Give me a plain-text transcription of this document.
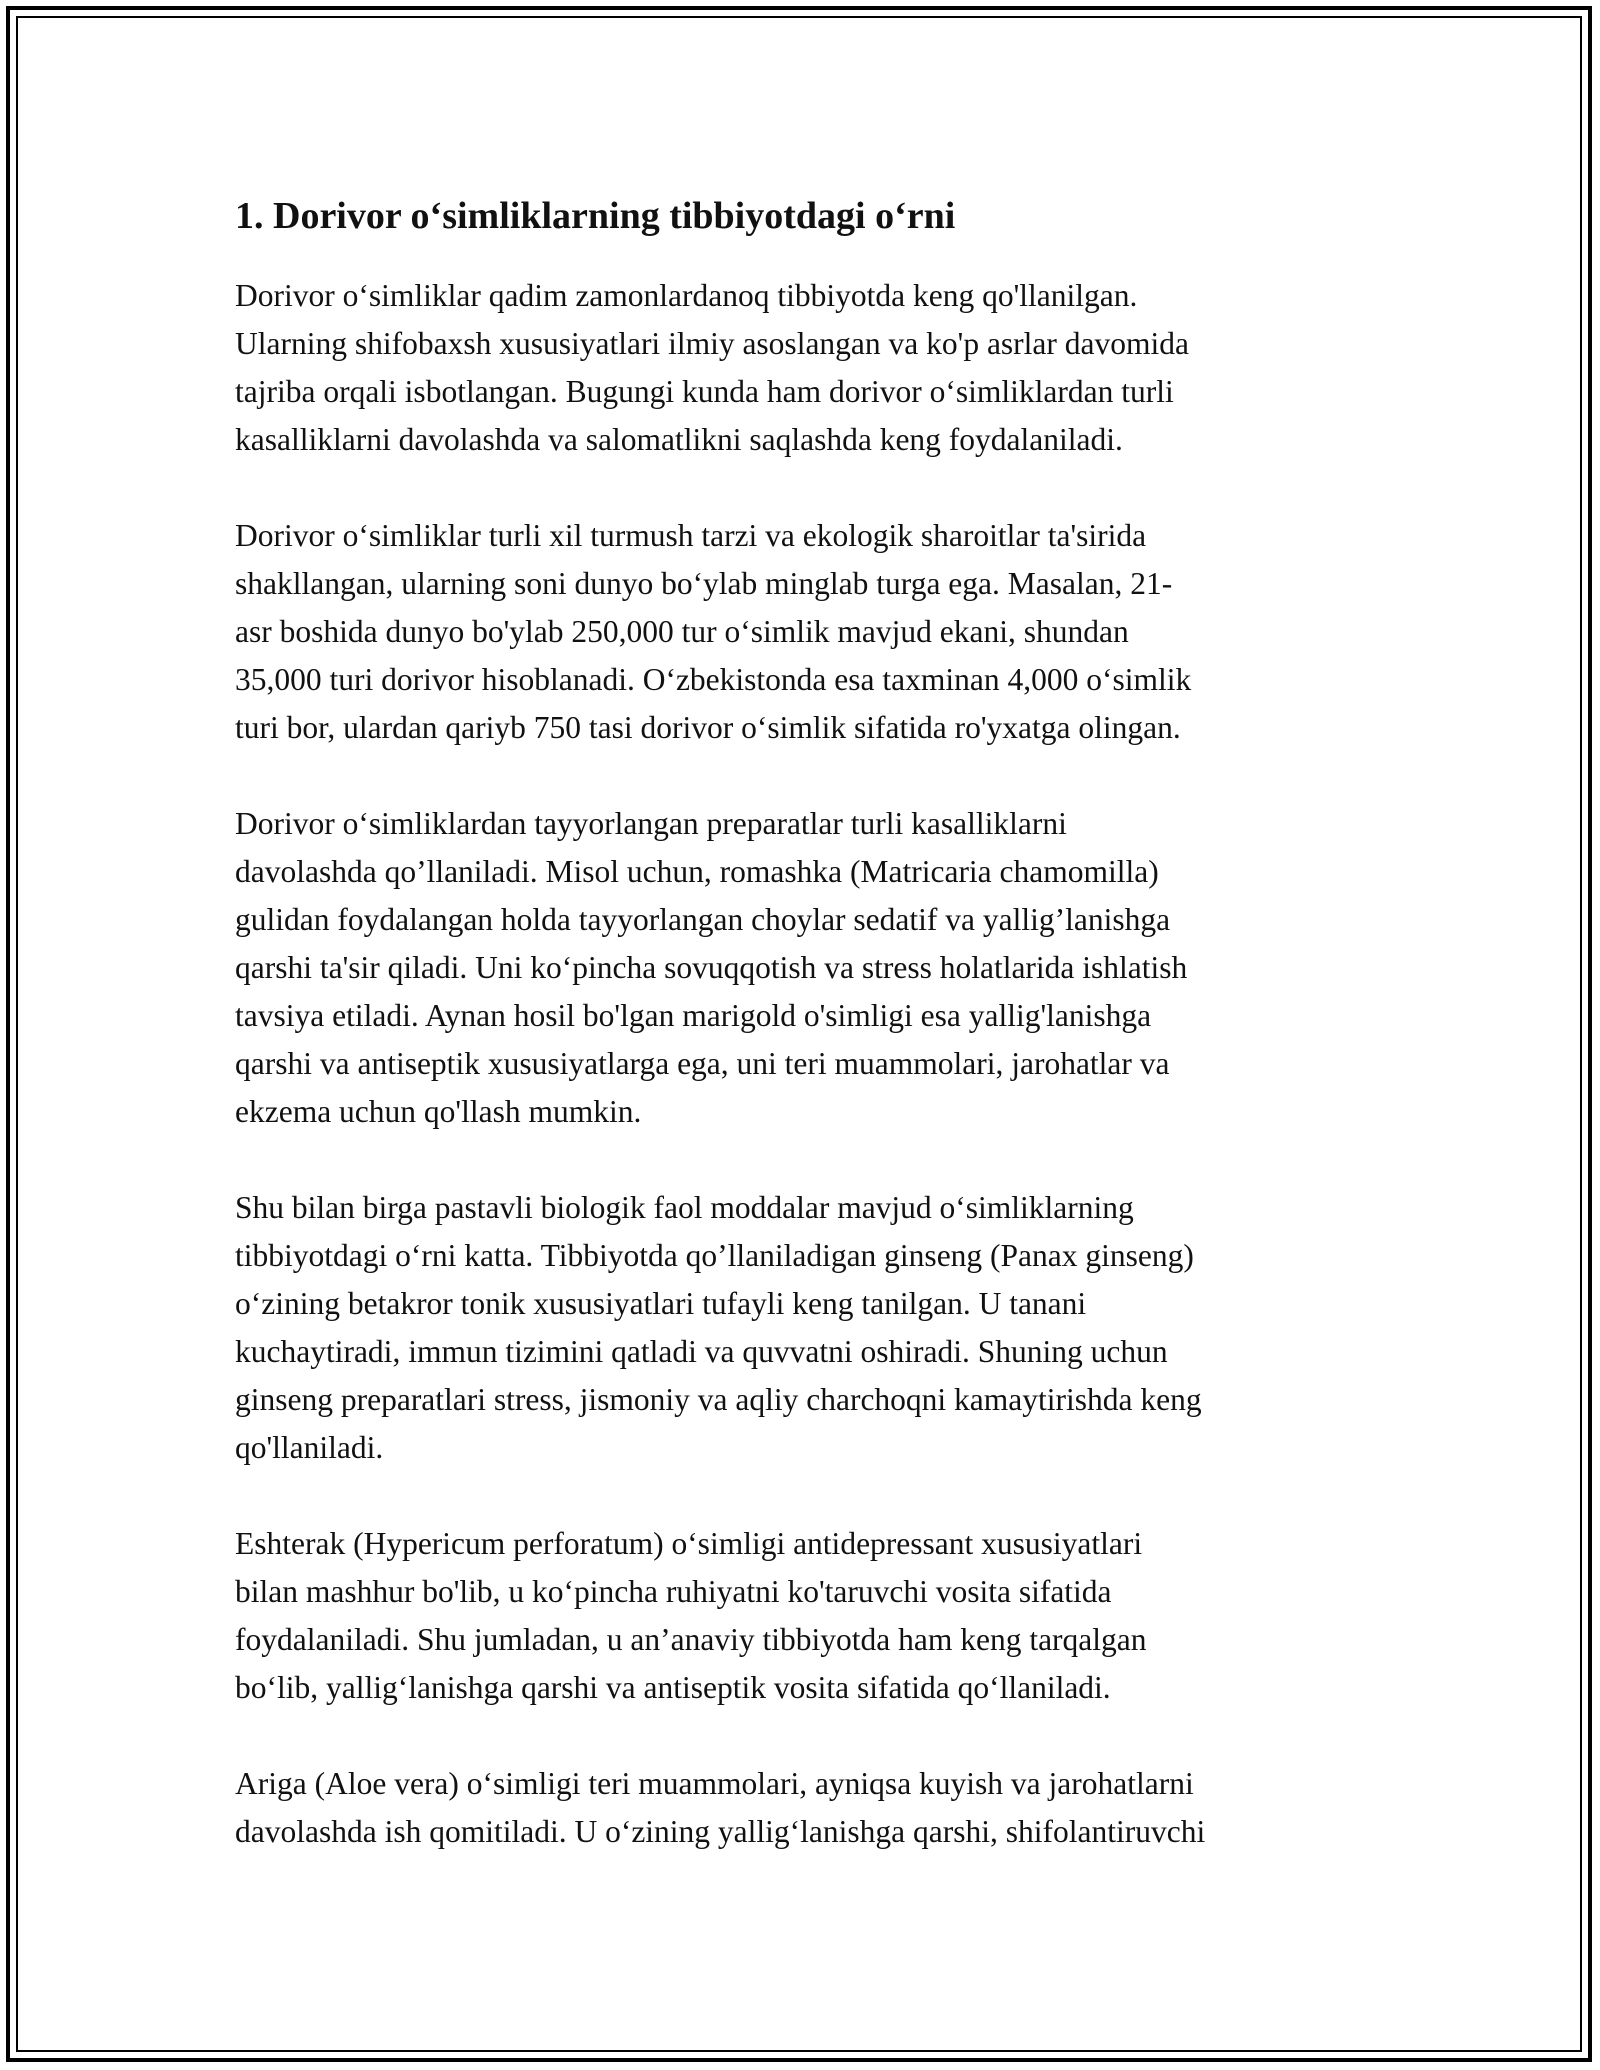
1. Dorivor o‘simliklarning tibbiyotdagi o‘rni

Dorivor o‘simliklar qadim zamonlardanoq tibbiyotda keng qo'llanilgan.
Ularning shifobaxsh xususiyatlari ilmiy asoslangan va ko'p asrlar davomida
tajriba orqali isbotlangan. Bugungi kunda ham dorivor o‘simliklardan turli
kasalliklarni davolashda va salomatlikni saqlashda keng foydalaniladi.

Dorivor o‘simliklar turli xil turmush tarzi va ekologik sharoitlar ta'sirida
shakllangan, ularning soni dunyo bo‘ylab minglab turga ega. Masalan, 21-
asr boshida dunyo bo'ylab 250,000 tur o‘simlik mavjud ekani, shundan
35,000 turi dorivor hisoblanadi. O‘zbekistonda esa taxminan 4,000 o‘simlik
turi bor, ulardan qariyb 750 tasi dorivor o‘simlik sifatida ro'yxatga olingan.

Dorivor o‘simliklardan tayyorlangan preparatlar turli kasalliklarni
davolashda qo’llaniladi. Misol uchun, romashka (Matricaria chamomilla)
gulidan foydalangan holda tayyorlangan choylar sedatif va yallig’lanishga
qarshi ta'sir qiladi. Uni ko‘pincha sovuqqotish va stress holatlarida ishlatish
tavsiya etiladi. Aynan hosil bo'lgan marigold o'simligi esa yallig'lanishga
qarshi va antiseptik xususiyatlarga ega, uni teri muammolari, jarohatlar va
ekzema uchun qo'llash mumkin.

Shu bilan birga pastavli biologik faol moddalar mavjud o‘simliklarning
tibbiyotdagi o‘rni katta. Tibbiyotda qo’llaniladigan ginseng (Panax ginseng)
o‘zining betakror tonik xususiyatlari tufayli keng tanilgan. U tanani
kuchaytiradi, immun tizimini qatladi va quvvatni oshiradi. Shuning uchun
ginseng preparatlari stress, jismoniy va aqliy charchoqni kamaytirishda keng
qo'llaniladi.

Eshterak (Hypericum perforatum) o‘simligi antidepressant xususiyatlari
bilan mashhur bo'lib, u ko‘pincha ruhiyatni ko'taruvchi vosita sifatida
foydalaniladi. Shu jumladan, u an’anaviy tibbiyotda ham keng tarqalgan
bo‘lib, yallig‘lanishga qarshi va antiseptik vosita sifatida qo‘llaniladi.

Ariga (Aloe vera) o‘simligi teri muammolari, ayniqsa kuyish va jarohatlarni
davolashda ish qomitiladi. U o‘zining yallig‘lanishga qarshi, shifolantiruvchi
